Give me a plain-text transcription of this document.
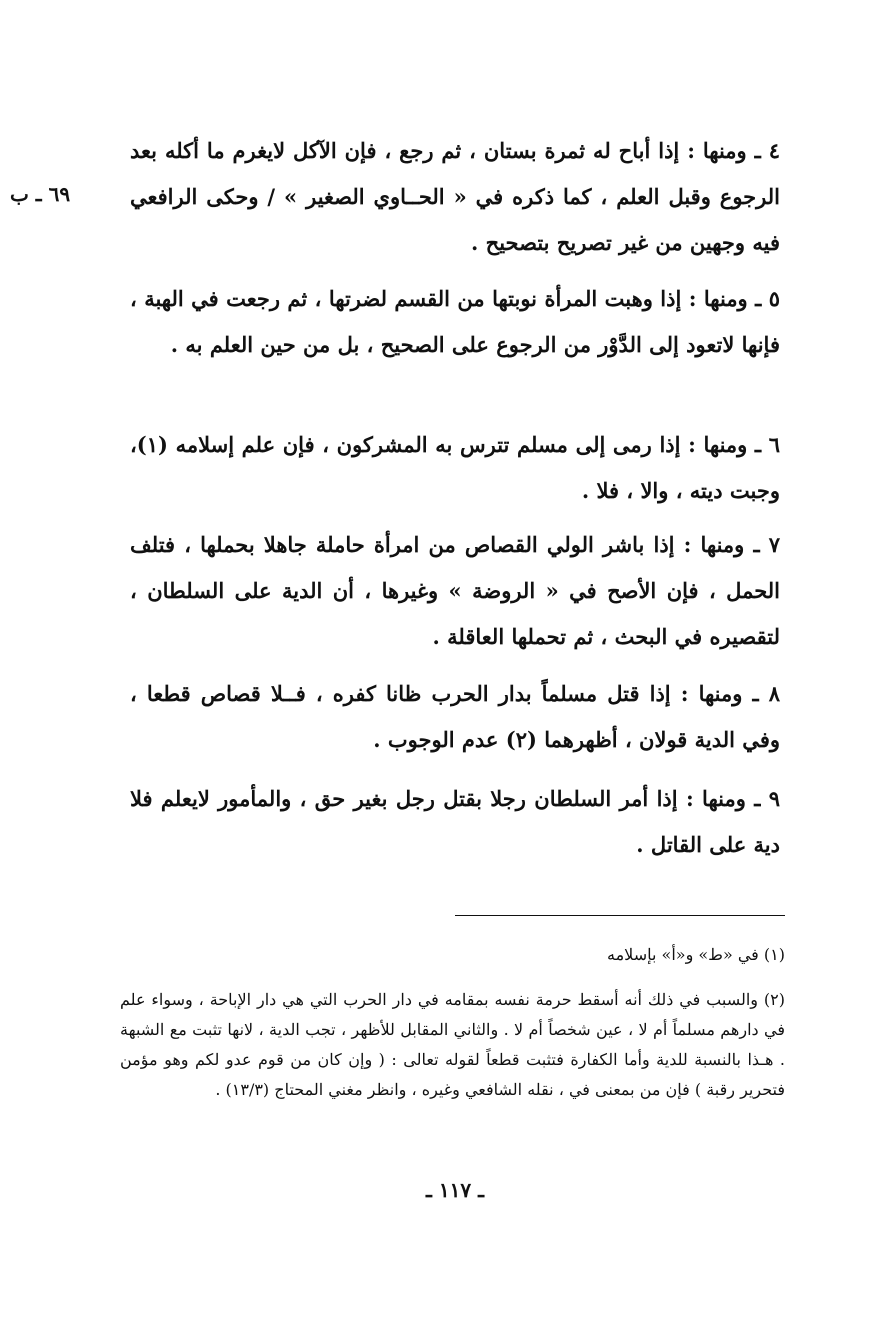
٦٩ ـ ب

٤ ـ ومنها : إذا أباح له ثمرة بستان ، ثم رجع ، فإن الآكل لايغرم ما أكله بعد الرجوع وقبل العلم ، كما ذكره في « الحــاوي الصغير » / وحكى الرافعي فيه وجهين من غير تصريح بتصحيح .

٥ ـ ومنها : إذا وهبت المرأة نوبتها من القسم لضرتها ، ثم رجعت في الهبة ، فإنها لاتعود إلى الدَّوْر من الرجوع على الصحيح ، بل من حين العلم به .

٦ ـ ومنها : إذا رمى إلى مسلم تترس به المشركون ، فإن علم إسلامه (١)، وجبت ديته ، والا ، فلا .

٧ ـ ومنها : إذا باشر الولي القصاص من امرأة حاملة جاهلا بحملها ، فتلف الحمل ، فإن الأصح في « الروضة » وغيرها ، أن الدية على السلطان ، لتقصيره في البحث ، ثم تحملها العاقلة .

٨ ـ ومنها : إذا قتل مسلماً بدار الحرب ظانا كفره ، فــلا قصاص قطعا ، وفي الدية قولان ، أظهرهما (٢) عدم الوجوب .

٩ ـ ومنها : إذا أمر السلطان رجلا بقتل رجل بغير حق ، والمأمور لايعلم فلا دية على القاتل .

(١) في «ط» و«أ» بإسلامه

(٢) والسبب في ذلك أنه أسقط حرمة نفسه بمقامه في دار الحرب التي هي دار الإباحة ، وسواء علم في دارهم مسلماً أم لا ، عين شخصاً أم لا . والثاني المقابل للأظهر ، تجب الدية ، لانها تثبت مع الشبهة . هـذا بالنسبة للدية وأما الكفارة فتثبت قطعاً لقوله تعالى : ( وإن كان من قوم عدو لكم وهو مؤمن فتحرير رقبة ) فإن من بمعنى في ، نقله الشافعي وغيره ، وانظر مغني المحتاج (١٣/٣) .

ـ ١١٧ ـ
